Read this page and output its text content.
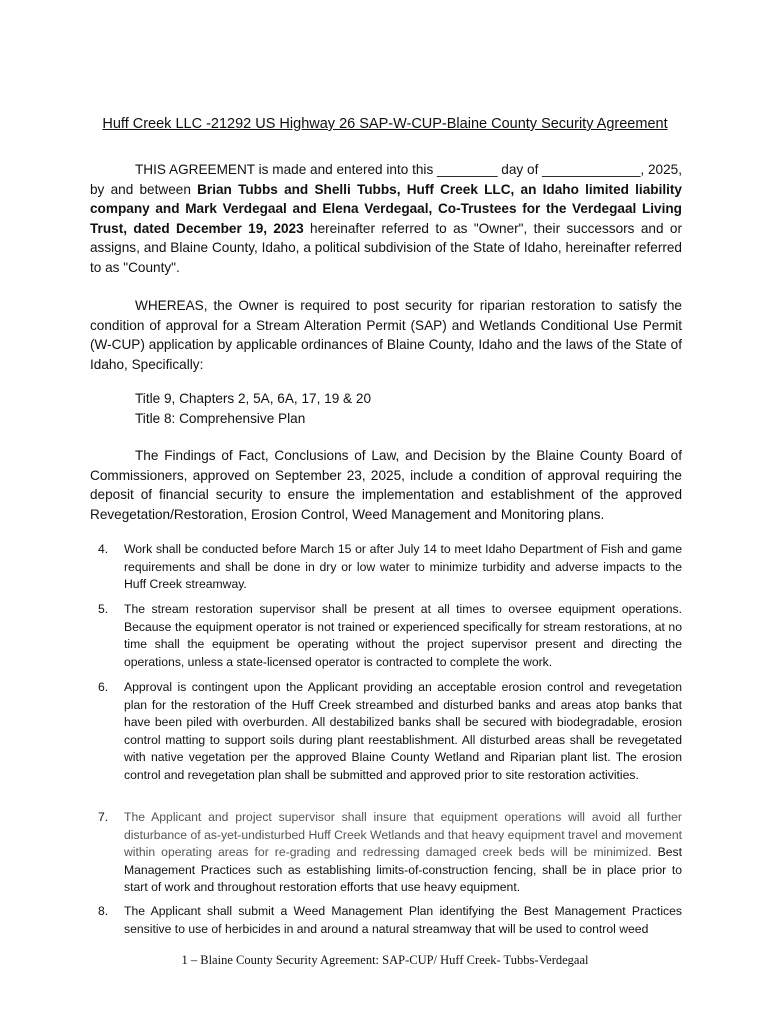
Huff Creek LLC -21292 US Highway 26 SAP-W-CUP-Blaine County Security Agreement
THIS AGREEMENT is made and entered into this ________ day of _____________, 2025, by and between Brian Tubbs and Shelli Tubbs, Huff Creek LLC, an Idaho limited liability company and Mark Verdegaal and Elena Verdegaal, Co-Trustees for the Verdegaal Living Trust, dated December 19, 2023 hereinafter referred to as "Owner", their successors and or assigns, and Blaine County, Idaho, a political subdivision of the State of Idaho, hereinafter referred to as "County".
WHEREAS, the Owner is required to post security for riparian restoration to satisfy the condition of approval for a Stream Alteration Permit (SAP) and Wetlands Conditional Use Permit (W-CUP) application by applicable ordinances of Blaine County, Idaho and the laws of the State of Idaho, Specifically:
Title 9, Chapters 2, 5A, 6A, 17, 19 & 20
Title 8: Comprehensive Plan
The Findings of Fact, Conclusions of Law, and Decision by the Blaine County Board of Commissioners, approved on September 23, 2025, include a condition of approval requiring the deposit of financial security to ensure the implementation and establishment of the approved Revegetation/Restoration, Erosion Control, Weed Management and Monitoring plans.
4.	Work shall be conducted before March 15 or after July 14 to meet Idaho Department of Fish and game requirements and shall be done in dry or low water to minimize turbidity and adverse impacts to the Huff Creek streamway.
5.	The stream restoration supervisor shall be present at all times to oversee equipment operations. Because the equipment operator is not trained or experienced specifically for stream restorations, at no time shall the equipment be operating without the project supervisor present and directing the operations, unless a state-licensed operator is contracted to complete the work.
6.	Approval is contingent upon the Applicant providing an acceptable erosion control and revegetation plan for the restoration of the Huff Creek streambed and disturbed banks and areas atop banks that have been piled with overburden. All destabilized banks shall be secured with biodegradable, erosion control matting to support soils during plant reestablishment. All disturbed areas shall be revegetated with native vegetation per the approved Blaine County Wetland and Riparian plant list. The erosion control and revegetation plan shall be submitted and approved prior to site restoration activities.
7.	The Applicant and project supervisor shall insure that equipment operations will avoid all further disturbance of as-yet-undisturbed Huff Creek Wetlands and that heavy equipment travel and movement within operating areas for re-grading and redressing damaged creek beds will be minimized. Best Management Practices such as establishing limits-of-construction fencing, shall be in place prior to start of work and throughout restoration efforts that use heavy equipment.
8.	The Applicant shall submit a Weed Management Plan identifying the Best Management Practices sensitive to use of herbicides in and around a natural streamway that will be used to control weed
1 – Blaine County Security Agreement: SAP-CUP/ Huff Creek- Tubbs-Verdegaal
